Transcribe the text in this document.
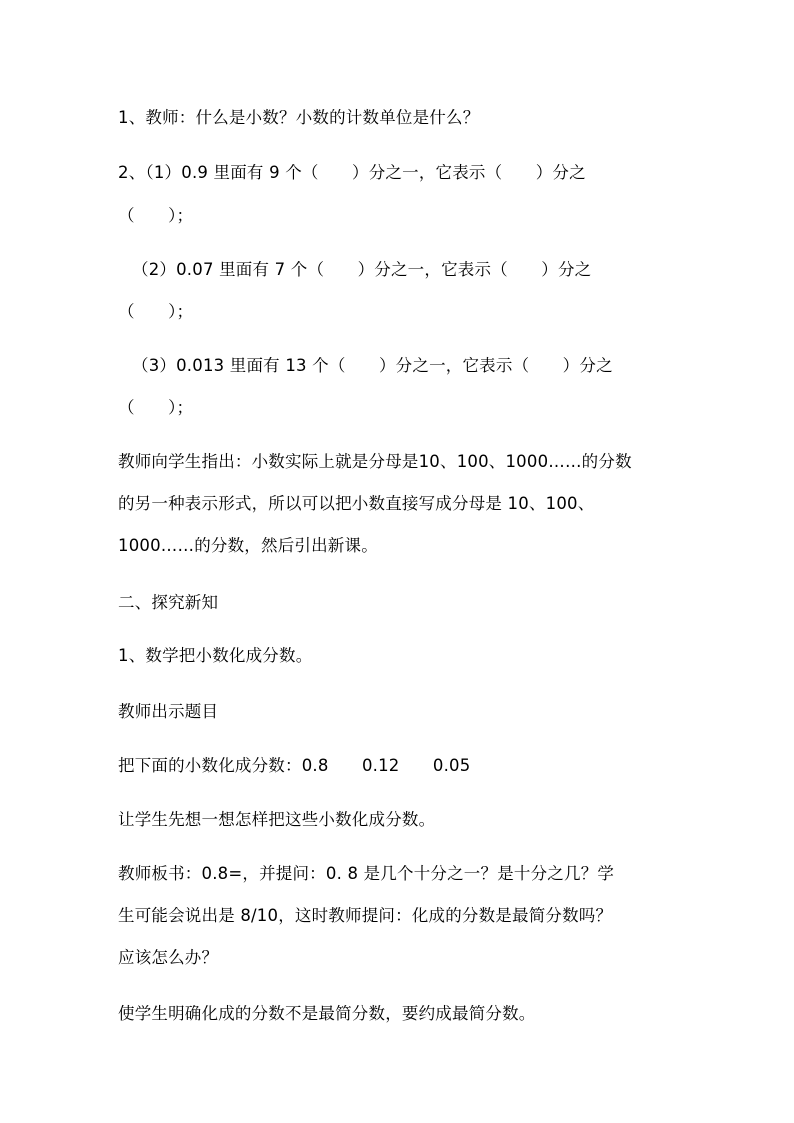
1、教师：什么是小数？小数的计数单位是什么？
2、（1）0.9 里面有 9 个（　　）分之一，它表示（　　）分之
（　　）；
（2）0.07 里面有 7 个（　　）分之一，它表示（　　）分之
（　　）；
（3）0.013 里面有 13 个（　　）分之一，它表示（　　）分之
（　　）；
教师向学生指出：小数实际上就是分母是10、100、1000……的分数
的另一种表示形式，所以可以把小数直接写成分母是 10、100、
1000……的分数，然后引出新课。
二、探究新知
1、数学把小数化成分数。
教师出示题目
把下面的小数化成分数：0.8　　0.12　　0.05
让学生先想一想怎样把这些小数化成分数。
教师板书：0.8=，并提问：0. 8 是几个十分之一？是十分之几？学
生可能会说出是 8/10，这时教师提问：化成的分数是最简分数吗？
应该怎么办？
使学生明确化成的分数不是最简分数，要约成最简分数。
